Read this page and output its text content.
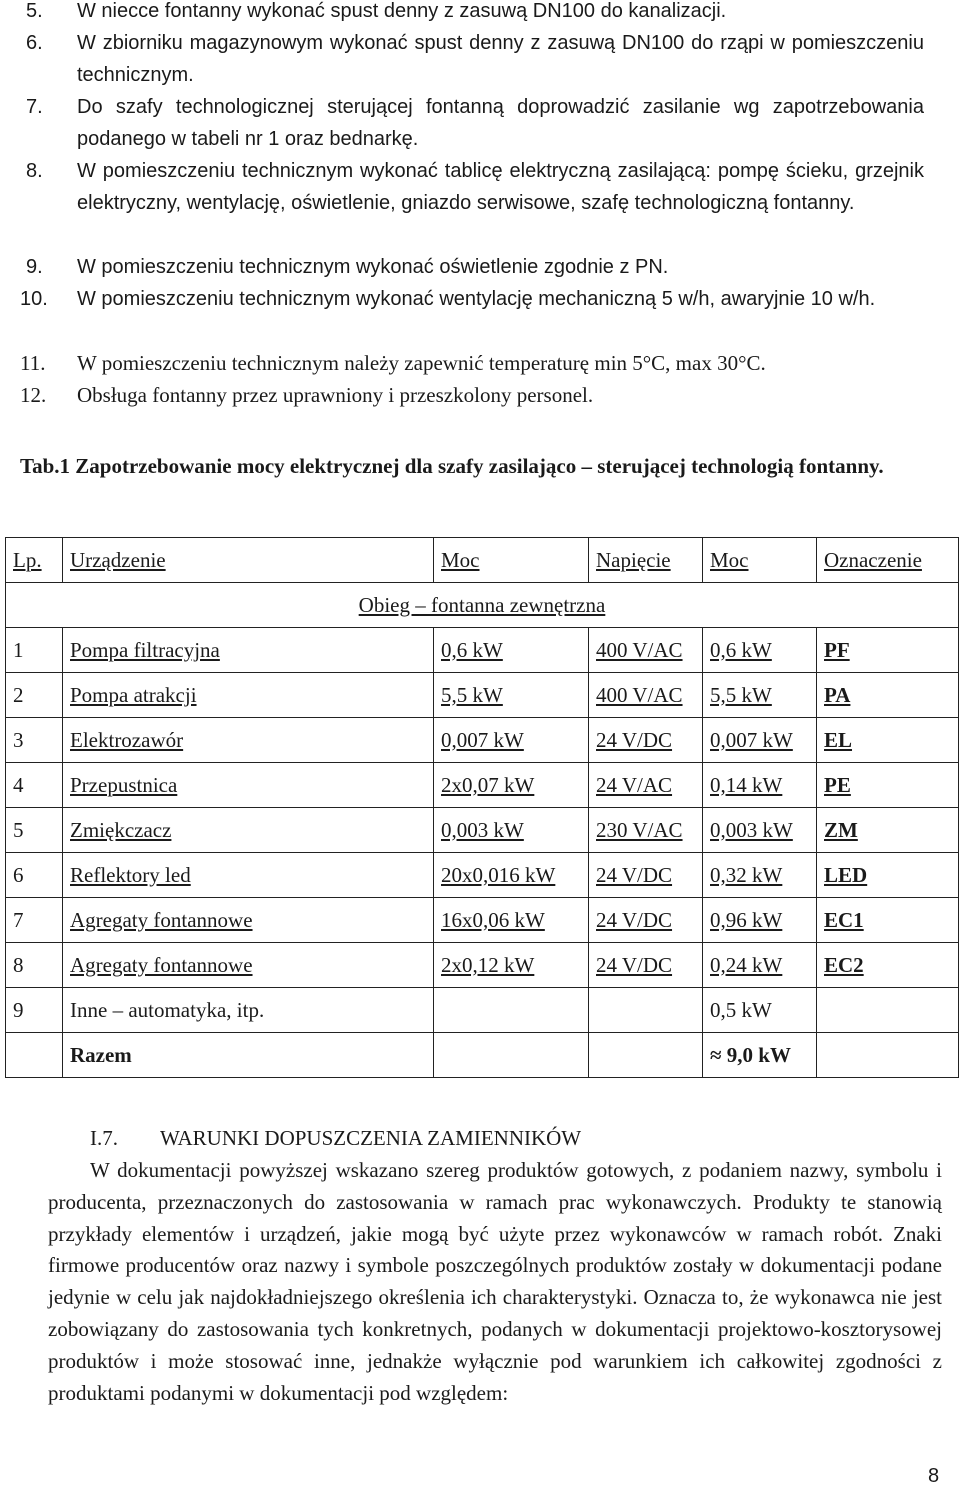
5. W niecce fontanny wykonać spust denny z zasuwą DN100 do kanalizacji.
6. W zbiorniku magazynowym wykonać spust denny z zasuwą DN100 do rząpi w pomieszczeniu technicznym.
7. Do szafy technologicznej sterującej fontanną doprowadzić zasilanie wg zapotrzebowania podanego w tabeli nr 1 oraz bednarkę.
8. W pomieszczeniu technicznym wykonać tablicę elektryczną zasilającą: pompę ścieku, grzejnik elektryczny, wentylację, oświetlenie, gniazdo serwisowe, szafę technologiczną fontanny.
9. W pomieszczeniu technicznym wykonać oświetlenie zgodnie z PN.
10. W pomieszczeniu technicznym wykonać wentylację mechaniczną 5 w/h, awaryjnie 10 w/h.
11. W pomieszczeniu technicznym należy zapewnić temperaturę min 5°C, max 30°C.
12. Obsługa fontanny przez uprawniony i przeszkolony personel.
Tab.1 Zapotrzebowanie mocy elektrycznej dla szafy zasilająco – sterującej technologią fontanny.
Lp.	Urządzenie	Moc	Napięcie	Moc	Oznaczenie
Obieg – fontanna zewnętrzna					
1	Pompa filtracyjna	0,6 kW	400 V/AC	0,6 kW	PF
2	Pompa atrakcji	5,5 kW	400 V/AC	5,5 kW	PA
3	Elektrozawór	0,007 kW	24 V/DC	0,007 kW	EL
4	Przepustnica	2x0,07 kW	24 V/AC	0,14 kW	PE
5	Zmiękczacz	0,003 kW	230 V/AC	0,003 kW	ZM
6	Reflektory led	20x0,016 kW	24 V/DC	0,32 kW	LED
7	Agregaty fontannowe	16x0,06 kW	24 V/DC	0,96 kW	EC1
8	Agregaty fontannowe	2x0,12 kW	24 V/DC	0,24 kW	EC2
9	Inne – automatyka, itp.			0,5 kW	
	Razem			≈ 9,0 kW	
I.7. WARUNKI DOPUSZCZENIA ZAMIENNIKÓW
W dokumentacji powyższej wskazano szereg produktów gotowych, z podaniem nazwy, symbolu i producenta, przeznaczonych do zastosowania w ramach prac wykonawczych. Produkty te stanowią przykłady elementów i urządzeń, jakie mogą być użyte przez wykonawców w ramach robót. Znaki firmowe producentów oraz nazwy i symbole poszczególnych produktów zostały w dokumentacji podane jedynie w celu jak najdokładniejszego określenia ich charakterystyki. Oznacza to, że wykonawca nie jest zobowiązany do zastosowania tych konkretnych, podanych w dokumentacji projektowo-kosztorysowej produktów i może stosować inne, jednakże wyłącznie pod warunkiem ich całkowitej zgodności z produktami podanymi w dokumentacji pod względem:
8
